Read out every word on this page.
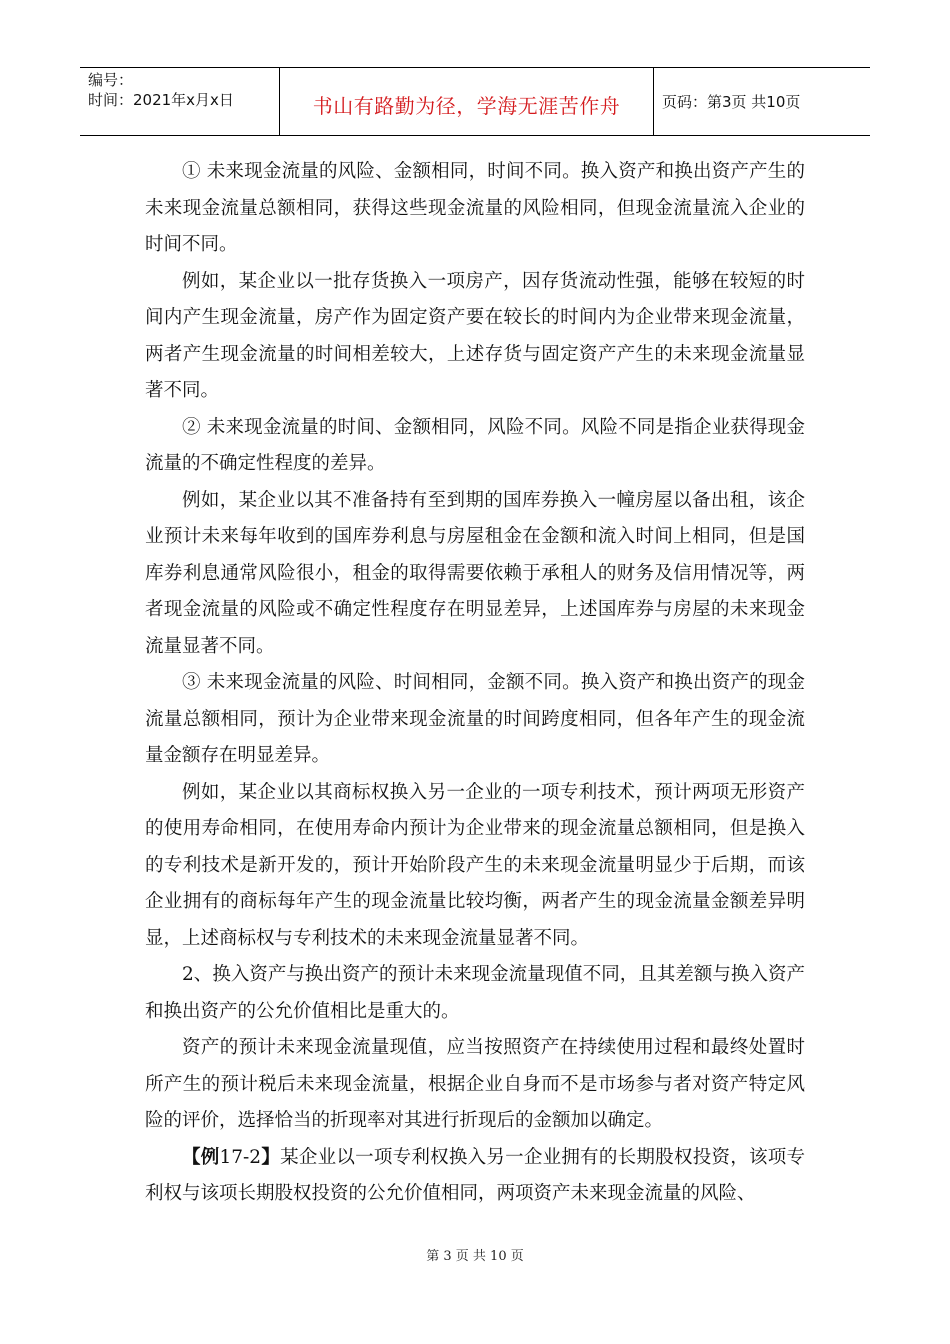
编号：
时间：2021年x月x日	书山有路勤为径，学海无涯苦作舟	页码：第3页 共10页

① 未来现金流量的风险、金额相同，时间不同。换入资产和换出资产产生的未来现金流量总额相同，获得这些现金流量的风险相同，但现金流量流入企业的时间不同。

例如，某企业以一批存货换入一项房产，因存货流动性强，能够在较短的时间内产生现金流量，房产作为固定资产要在较长的时间内为企业带来现金流量，两者产生现金流量的时间相差较大，上述存货与固定资产产生的未来现金流量显著不同。

② 未来现金流量的时间、金额相同，风险不同。风险不同是指企业获得现金流量的不确定性程度的差异。

例如，某企业以其不准备持有至到期的国库券换入一幢房屋以备出租，该企业预计未来每年收到的国库券利息与房屋租金在金额和流入时间上相同，但是国库券利息通常风险很小，租金的取得需要依赖于承租人的财务及信用情况等，两者现金流量的风险或不确定性程度存在明显差异，上述国库券与房屋的未来现金流量显著不同。

③ 未来现金流量的风险、时间相同，金额不同。换入资产和换出资产的现金流量总额相同，预计为企业带来现金流量的时间跨度相同，但各年产生的现金流量金额存在明显差异。

例如，某企业以其商标权换入另一企业的一项专利技术，预计两项无形资产的使用寿命相同，在使用寿命内预计为企业带来的现金流量总额相同，但是换入的专利技术是新开发的，预计开始阶段产生的未来现金流量明显少于后期，而该企业拥有的商标每年产生的现金流量比较均衡，两者产生的现金流量金额差异明显，上述商标权与专利技术的未来现金流量显著不同。

2、换入资产与换出资产的预计未来现金流量现值不同，且其差额与换入资产和换出资产的公允价值相比是重大的。

资产的预计未来现金流量现值，应当按照资产在持续使用过程和最终处置时所产生的预计税后未来现金流量，根据企业自身而不是市场参与者对资产特定风险的评价，选择恰当的折现率对其进行折现后的金额加以确定。

【例17-2】某企业以一项专利权换入另一企业拥有的长期股权投资，该项专利权与该项长期股权投资的公允价值相同，两项资产未来现金流量的风险、

第 3 页 共 10 页
